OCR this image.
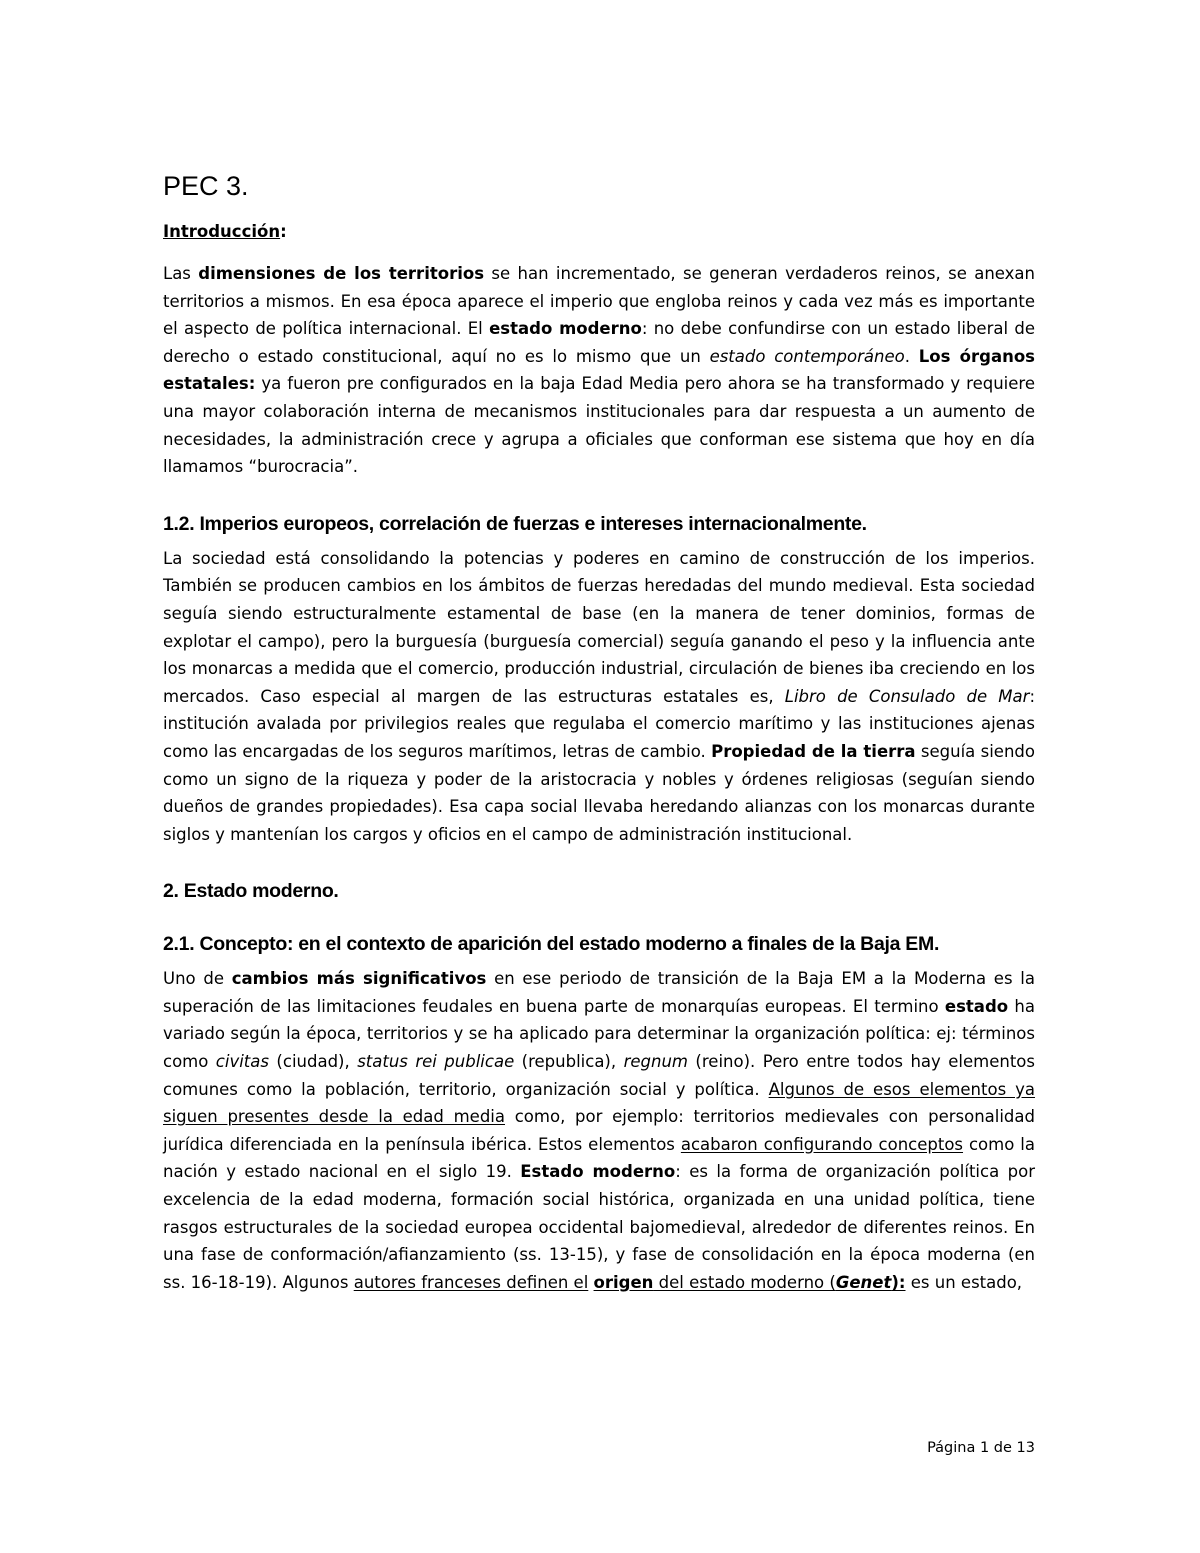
PEC 3.
Introducción:

Las dimensiones de los territorios se han incrementado, se generan verdaderos reinos, se anexan territorios a mismos. En esa época aparece el imperio que engloba reinos y cada vez más es importante el aspecto de política internacional. El estado moderno: no debe confundirse con un estado liberal de derecho o estado constitucional, aquí no es lo mismo que un estado contemporáneo. Los órganos estatales: ya fueron pre configurados en la baja Edad Media pero ahora se ha transformado y requiere una mayor colaboración interna de mecanismos institucionales para dar respuesta a un aumento de necesidades, la administración crece y agrupa a oficiales que conforman ese sistema que hoy en día llamamos “burocracia”.

1.2. Imperios europeos, correlación de fuerzas e intereses internacionalmente.

La sociedad está consolidando la potencias y poderes en camino de construcción de los imperios. También se producen cambios en los ámbitos de fuerzas heredadas del mundo medieval. Esta sociedad seguía siendo estructuralmente estamental de base (en la manera de tener dominios, formas de explotar el campo), pero la burguesía (burguesía comercial) seguía ganando el peso y la influencia ante los monarcas a medida que el comercio, producción industrial, circulación de bienes iba creciendo en los mercados. Caso especial al margen de las estructuras estatales es, Libro de Consulado de Mar: institución avalada por privilegios reales que regulaba el comercio marítimo y las instituciones ajenas como las encargadas de los seguros marítimos, letras de cambio. Propiedad de la tierra seguía siendo como un signo de la riqueza y poder de la aristocracia y nobles y órdenes religiosas (seguían siendo dueños de grandes propiedades). Esa capa social llevaba heredando alianzas con los monarcas durante siglos y mantenían los cargos y oficios en el campo de administración institucional.

2. Estado moderno.
2.1. Concepto: en el contexto de aparición del estado moderno a finales de la Baja EM.

Uno de cambios más significativos en ese periodo de transición de la Baja EM a la Moderna es la superación de las limitaciones feudales en buena parte de monarquías europeas. El termino estado ha variado según la época, territorios y se ha aplicado para determinar la organización política: ej: términos como civitas (ciudad), status rei publicae (republica), regnum (reino). Pero entre todos hay elementos comunes como la población, territorio, organización social y política. Algunos de esos elementos ya siguen presentes desde la edad media como, por ejemplo: territorios medievales con personalidad jurídica diferenciada en la península ibérica. Estos elementos acabaron configurando conceptos como la nación y estado nacional en el siglo 19. Estado moderno: es la forma de organización política por excelencia de la edad moderna, formación social histórica, organizada en una unidad política, tiene rasgos estructurales de la sociedad europea occidental bajomedieval, alrededor de diferentes reinos. En una fase de conformación/afianzamiento (ss. 13-15), y fase de consolidación en la época moderna (en ss. 16-18-19). Algunos autores franceses definen el origen del estado moderno (Genet): es un estado,

Página 1 de 13
